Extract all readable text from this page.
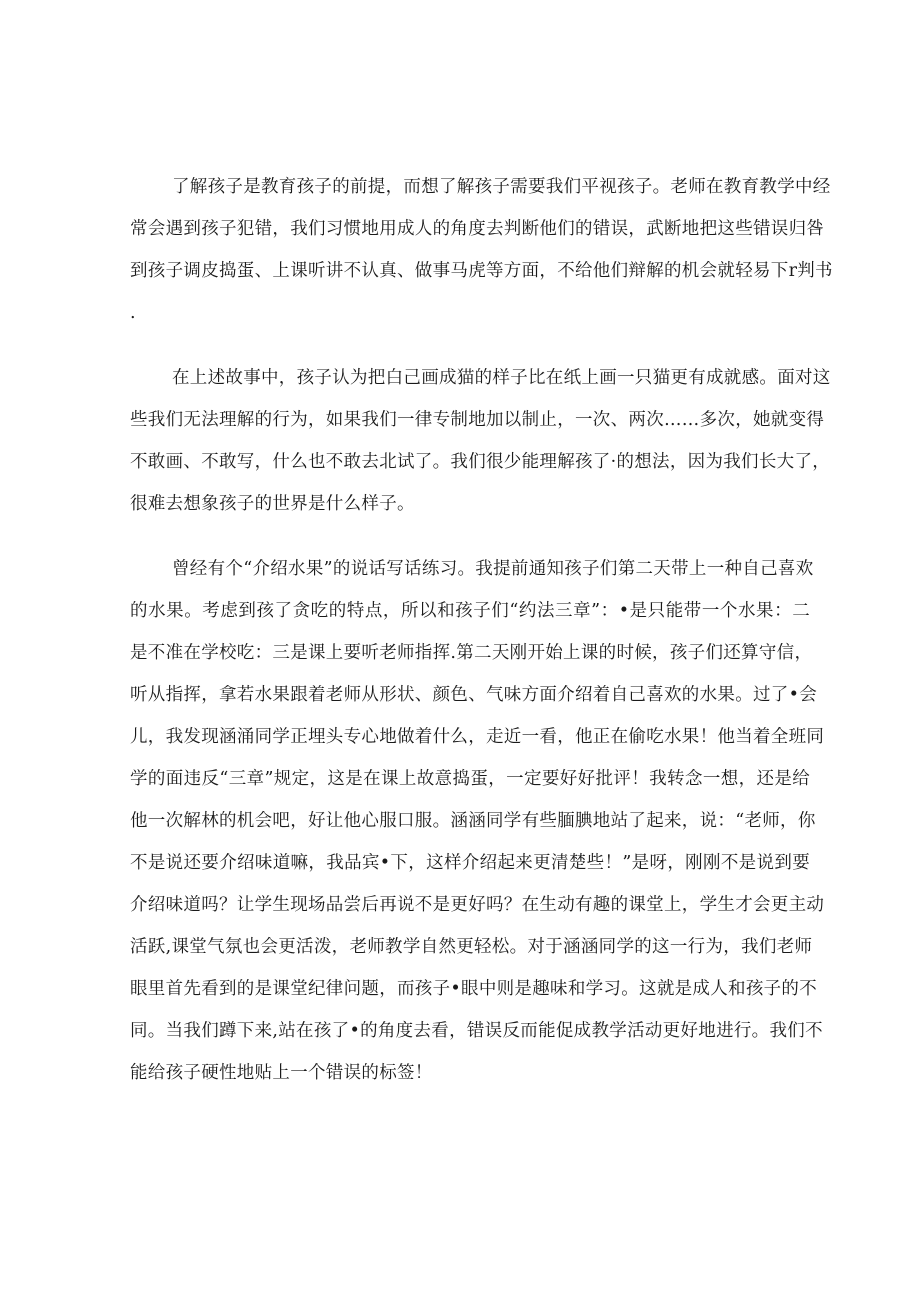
了解孩子是教育孩子的前提，而想了解孩子需要我们平视孩子。老师在教育教学中经
常会遇到孩子犯错，我们习惯地用成人的角度去判断他们的错误，武断地把这些错误归咎
到孩子调皮捣蛋、上课听讲不认真、做事马虎等方面，不给他们辩解的机会就轻易下r判书
.
在上述故事中，孩子认为把白己画成猫的样子比在纸上画一只猫更有成就感。面对这
些我们无法理解的行为，如果我们一律专制地加以制止，一次、两次……多次，她就变得
不敢画、不敢写，什么也不敢去北试了。我们很少能理解孩了·的想法，因为我们长大了，
很难去想象孩子的世界是什么样子。
曾经有个“介绍水果”的说话写话练习。我提前通知孩子们第二天带上一种自己喜欢
的水果。考虑到孩了贪吃的特点，所以和孩子们“约法三章”：•是只能带一个水果：二
是不准在学校吃：三是课上要听老师指挥.第二天刚开始上课的时候，孩子们还算守信，
听从指挥，拿若水果跟着老师从形状、颜色、气味方面介绍着自己喜欢的水果。过了•会
儿，我发现涵涌同学正埋头专心地做着什么，走近一看，他正在偷吃水果！他当着全班同
学的面违反“三章”规定，这是在课上故意捣蛋，一定要好好批评！我转念一想，还是给
他一次解林的机会吧，好让他心服口服。涵涵同学有些腼腆地站了起来，说：“老师，你
不是说还要介绍味道嘛，我品宾•下，这样介绍起来更清楚些！”是呀，刚刚不是说到要
介绍味道吗？让学生现场品尝后再说不是更好吗？在生动有趣的课堂上，学生才会更主动
活跃,课堂气氛也会更活泼，老师教学自然更轻松。对于涵涵同学的这一行为，我们老师
眼里首先看到的是课堂纪律问题，而孩子•眼中则是趣味和学习。这就是成人和孩子的不
同。当我们蹲下来,站在孩了•的角度去看，错误反而能促成教学活动更好地进行。我们不
能给孩子硬性地贴上一个错误的标签！
